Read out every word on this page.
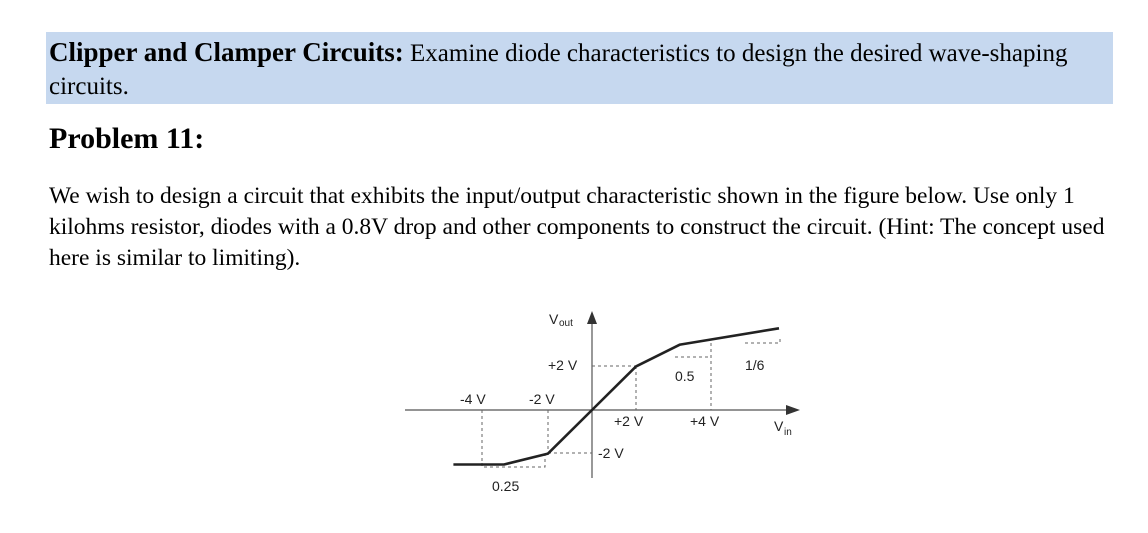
Clipper and Clamper Circuits: Examine diode characteristics to design the desired wave-shaping circuits.
Problem 11:
We wish to design a circuit that exhibits the input/output characteristic shown in the figure below. Use only 1 kilohms resistor, diodes with a 0.8V drop and other components to construct the circuit. (Hint: The concept used here is similar to limiting).
V out
+2 V
-2 V
-4 V
+2 V	+4 V
-2 V
0.5
1/6
0.25
V in
